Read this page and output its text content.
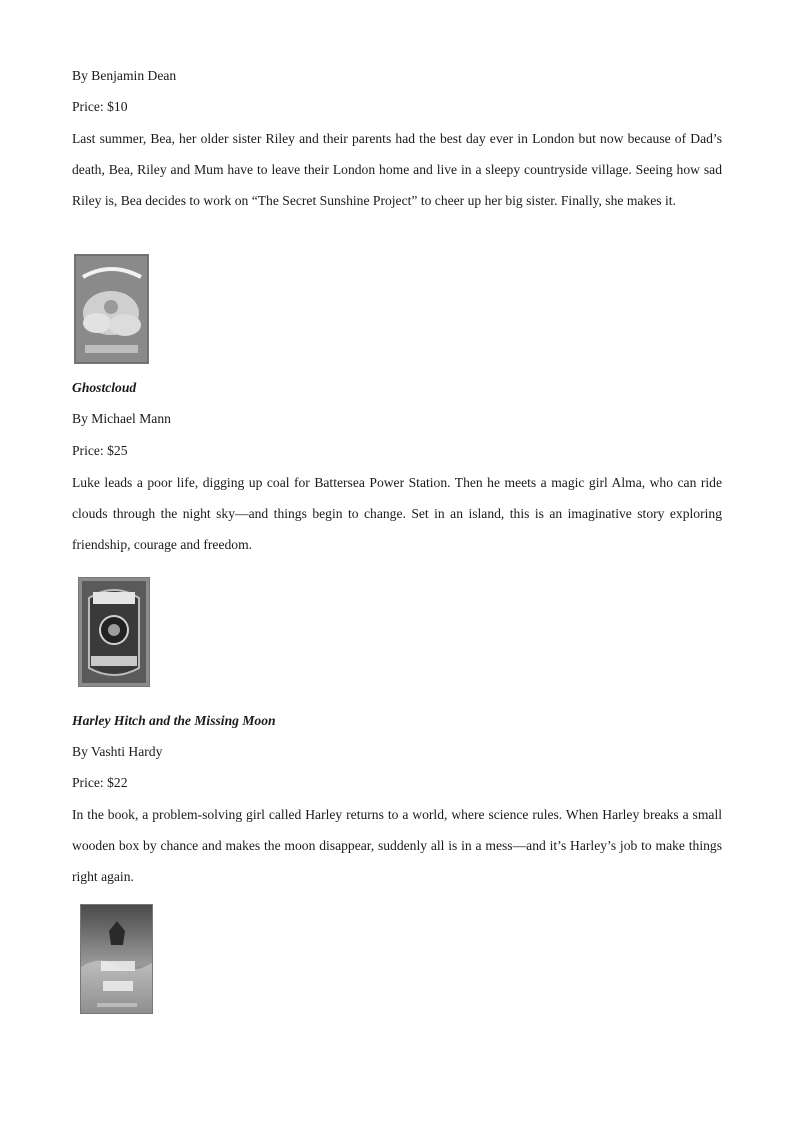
By Benjamin Dean
Price: $10
Last summer, Bea, her older sister Riley and their parents had the best day ever in London but now because of Dad’s death, Bea, Riley and Mum have to leave their London home and live in a sleepy countryside village. Seeing how sad Riley is, Bea decides to work on “The Secret Sunshine Project” to cheer up her big sister. Finally, she makes it.
Ghostcloud
By Michael Mann
Price: $25
Luke leads a poor life, digging up coal for Battersea Power Station. Then he meets a magic girl Alma, who can ride clouds through the night sky—and things begin to change. Set in an island, this is an imaginative story exploring friendship, courage and freedom.
Harley Hitch and the Missing Moon
By Vashti Hardy
Price: $22
In the book, a problem-solving girl called Harley returns to a world, where science rules. When Harley breaks a small wooden box by chance and makes the moon disappear, suddenly all is in a mess—and it’s Harley’s job to make things right again.
